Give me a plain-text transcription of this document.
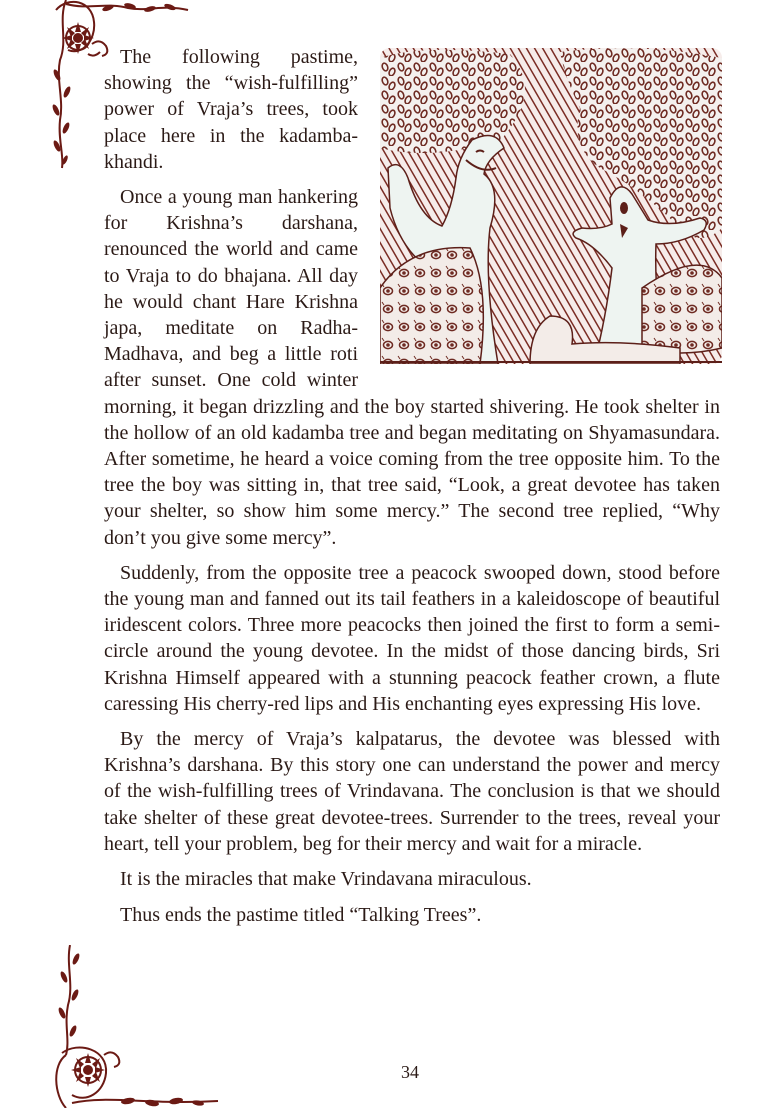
The following pastime, showing the “wish-fulfilling” power of Vraja’s trees, took place here in the kadamba-khandi.

Once a young man hankering for Krishna’s darshana, renounced the world and came to Vraja to do bhajana. All day he would chant Hare Krishna japa, meditate on Radha-Madhava, and beg a little roti after sunset. One cold winter morning, it began drizzling and the boy started shivering. He took shelter in the hollow of an old kadamba tree and began meditating on Shyamasundara. After sometime, he heard a voice coming from the tree opposite him. To the tree the boy was sitting in, that tree said, “Look, a great devotee has taken your shelter, so show him some mercy.” The second tree replied, “Why don’t you give some mercy”.

Suddenly, from the opposite tree a peacock swooped down, stood before the young man and fanned out its tail feathers in a kaleidoscope of beautiful iridescent colors. Three more peacocks then joined the first to form a semi-circle around the young devotee. In the midst of those dancing birds, Sri Krishna Himself appeared with a stunning peacock feather crown, a flute caressing His cherry-red lips and His enchanting eyes expressing His love.

By the mercy of Vraja’s kalpatarus, the devotee was blessed with Krishna’s darshana. By this story one can understand the power and mercy of the wish-fulfilling trees of Vrindavana. The conclusion is that we should take shelter of these great devotee-trees. Surrender to the trees, reveal your heart, tell your problem, beg for their mercy and wait for a miracle.

It is the miracles that make Vrindavana miraculous.

Thus ends the pastime titled “Talking Trees”.

34
